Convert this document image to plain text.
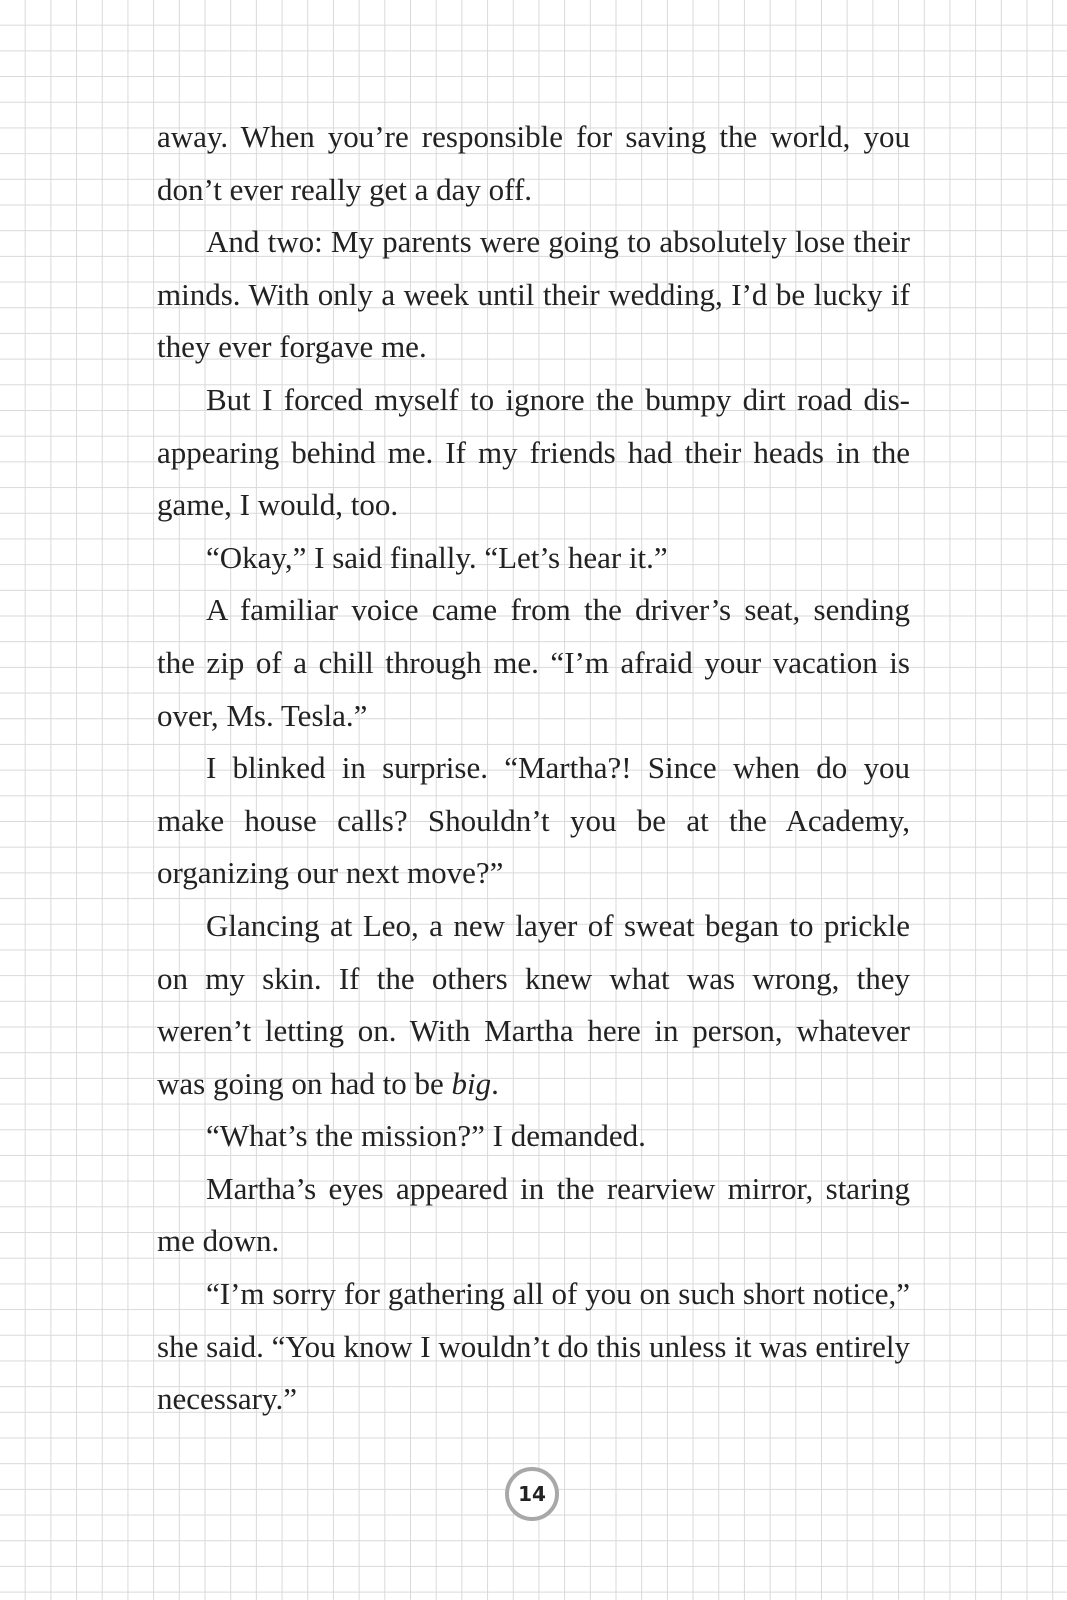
away. When you’re responsible for saving the world, you don’t ever really get a day off.

And two: My parents were going to absolutely lose their minds. With only a week until their wedding, I’d be lucky if they ever forgave me.

But I forced myself to ignore the bumpy dirt road disappearing behind me. If my friends had their heads in the game, I would, too.

“Okay,” I said finally. “Let’s hear it.”

A familiar voice came from the driver’s seat, sending the zip of a chill through me. “I’m afraid your vacation is over, Ms. Tesla.”

I blinked in surprise. “Martha?! Since when do you make house calls? Shouldn’t you be at the Academy, organizing our next move?”

Glancing at Leo, a new layer of sweat began to prickle on my skin. If the others knew what was wrong, they weren’t letting on. With Martha here in person, whatever was going on had to be big.

“What’s the mission?” I demanded.

Martha’s eyes appeared in the rearview mirror, staring me down.

“I’m sorry for gathering all of you on such short notice,” she said. “You know I wouldn’t do this unless it was entirely necessary.”

14
